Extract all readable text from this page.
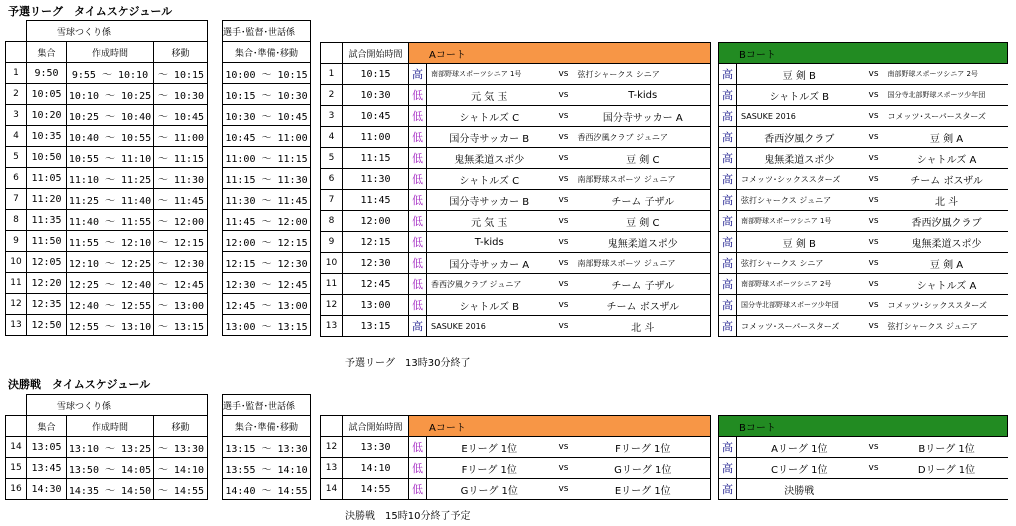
予選リーグ　タイムスケジュール
	雪球つくり係		
	集合	作成時間	移動
1	9:50	9:55 ～ 10:10	～ 10:15
2	10:05	10:10 ～ 10:25	～ 10:30
3	10:20	10:25 ～ 10:40	～ 10:45
4	10:35	10:40 ～ 10:55	～ 11:00
5	10:50	10:55 ～ 11:10	～ 11:15
6	11:05	11:10 ～ 11:25	～ 11:30
7	11:20	11:25 ～ 11:40	～ 11:45
8	11:35	11:40 ～ 11:55	～ 12:00
9	11:50	11:55 ～ 12:10	～ 12:15
10	12:05	12:10 ～ 12:25	～ 12:30
11	12:20	12:25 ～ 12:40	～ 12:45
12	12:35	12:40 ～ 12:55	～ 13:00
13	12:50	12:55 ～ 13:10	～ 13:15
選手･監督･世話係
集合･準備･移動
10:00 ～ 10:15
10:15 ～ 10:30
10:30 ～ 10:45
10:45 ～ 11:00
11:00 ～ 11:15
11:15 ～ 11:30
11:30 ～ 11:45
11:45 ～ 12:00
12:00 ～ 12:15
12:15 ～ 12:30
12:30 ～ 12:45
12:45 ～ 13:00
13:00 ～ 13:15
	試合開始時間	Aコート					Bコート			
1	10:15	高	南部野球スポーツシニア 1号	vs	弦打シャークス シニア		高	豆 剣 B	vs	南部野球スポーツシニア 2号
2	10:30	低	元 気 玉	vs	T-kids		高	シャトルズ B	vs	国分寺北部野球スポーツ少年団
3	10:45	低	シャトルズ C	vs	国分寺サッカー A		高	SASUKE 2016	vs	コメッツ･スーパースターズ
4	11:00	低	国分寺サッカー B	vs	香西汐風クラブ ジュニア		高	香西汐風クラブ	vs	豆 剣 A
5	11:15	低	鬼無柔道スポ少	vs	豆 剣 C		高	鬼無柔道スポ少	vs	シャトルズ A
6	11:30	低	シャトルズ C	vs	南部野球スポーツ ジュニア		高	コメッツ･シックススターズ	vs	チーム ボスザル
7	11:45	低	国分寺サッカー B	vs	チーム 子ザル		高	弦打シャークス ジュニア	vs	北 斗
8	12:00	低	元 気 玉	vs	豆 剣 C		高	南部野球スポーツシニア 1号	vs	香西汐風クラブ
9	12:15	低	T-kids	vs	鬼無柔道スポ少		高	豆 剣 B	vs	鬼無柔道スポ少
10	12:30	低	国分寺サッカー A	vs	南部野球スポーツ ジュニア		高	弦打シャークス シニア	vs	豆 剣 A
11	12:45	低	香西汐風クラブ ジュニア	vs	チーム 子ザル		高	南部野球スポーツシニア 2号	vs	シャトルズ A
12	13:00	低	シャトルズ B	vs	チーム ボスザル		高	国分寺北部野球スポーツ少年団	vs	コメッツ･シックススターズ
13	13:15	高	SASUKE 2016	vs	北 斗		高	コメッツ･スーパースターズ	vs	弦打シャークス ジュニア
予選リーグ　13時30分終了
決勝戦　タイムスケジュール
	雪球つくり係		
	集合	作成時間	移動
14	13:05	13:10 ～ 13:25	～ 13:30
15	13:45	13:50 ～ 14:05	～ 14:10
16	14:30	14:35 ～ 14:50	～ 14:55
選手･監督･世話係
集合･準備･移動
13:15 ～ 13:30
13:55 ～ 14:10
14:40 ～ 14:55
	試合開始時間	Aコート					Bコート			
12	13:30	低	Eリーグ 1位	vs	Fリーグ 1位		高	Aリーグ 1位	vs	Bリーグ 1位
13	14:10	低	Fリーグ 1位	vs	Gリーグ 1位		高	Cリーグ 1位	vs	Dリーグ 1位
14	14:55	低	Gリーグ 1位	vs	Eリーグ 1位		高	決勝戦		
決勝戦　15時10分終了予定
